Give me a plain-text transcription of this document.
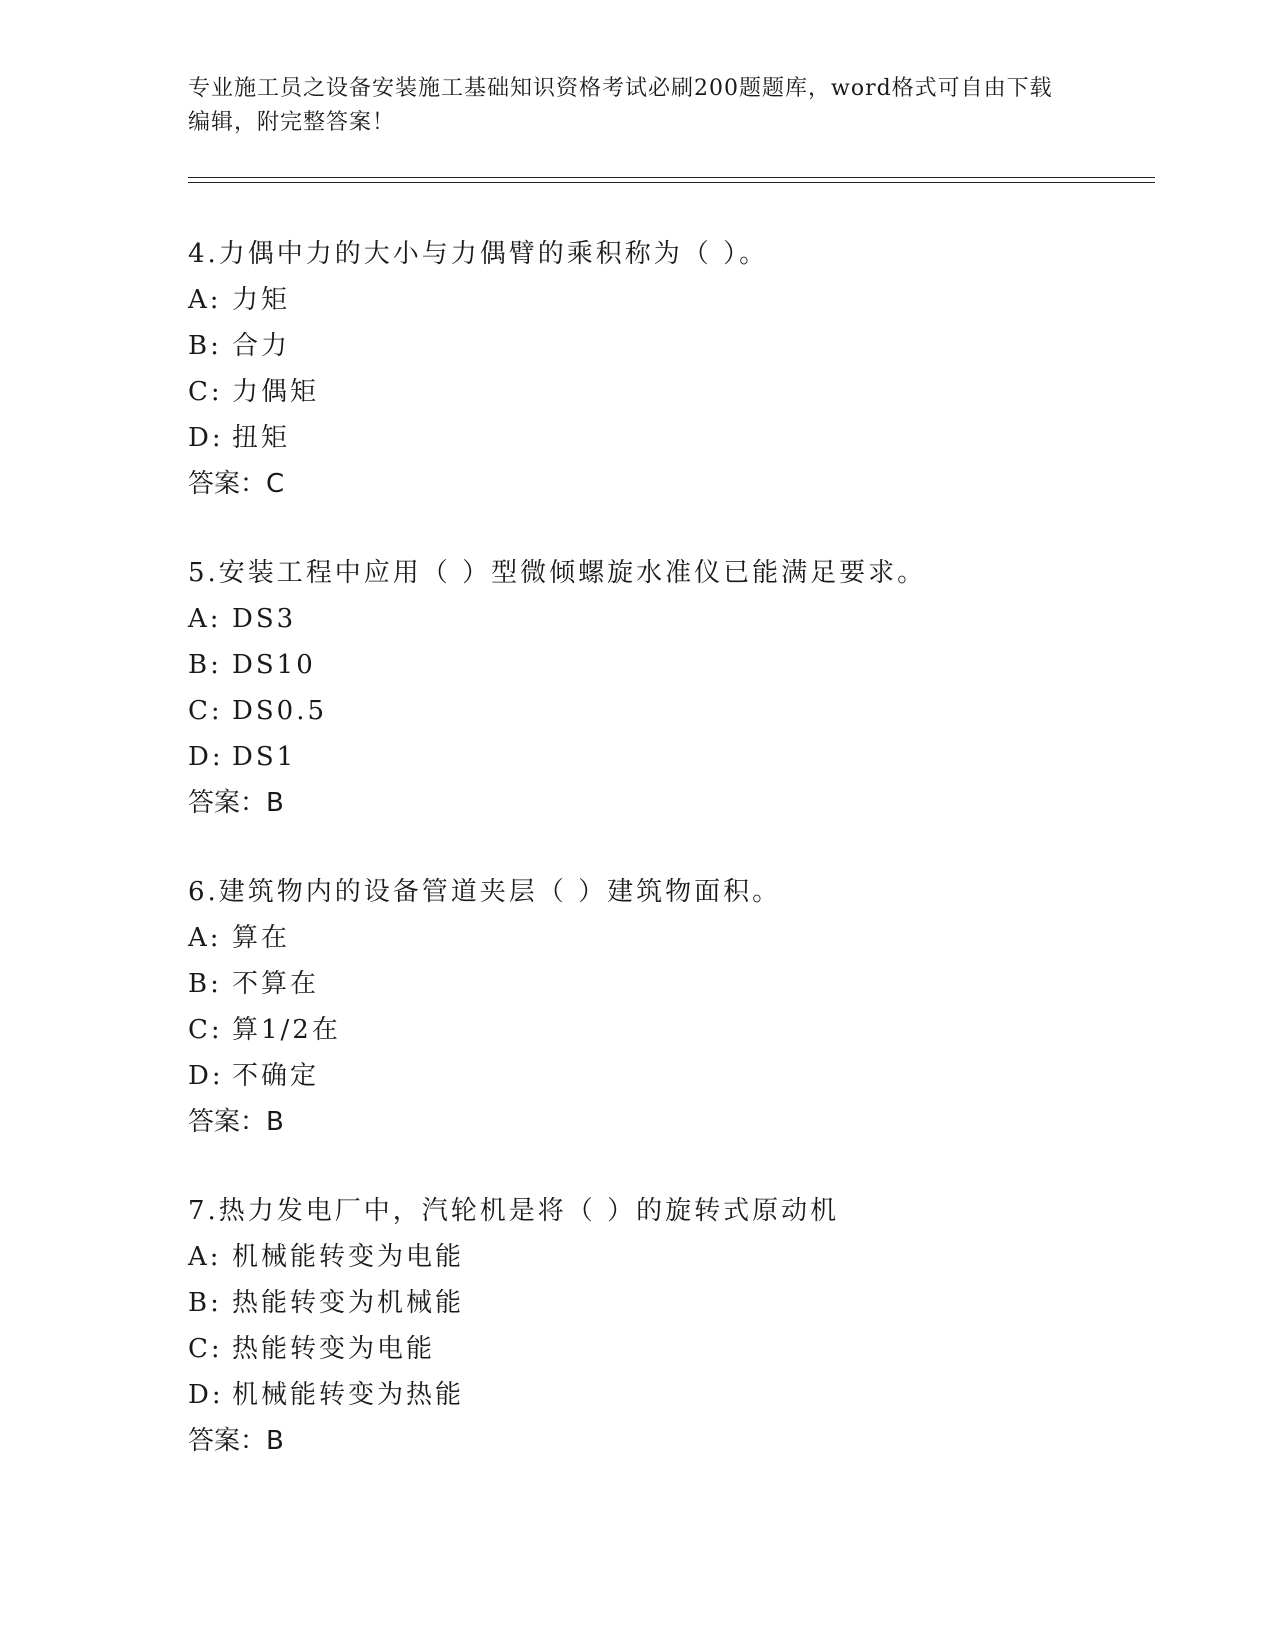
专业施工员之设备安装施工基础知识资格考试必刷200题题库，word格式可自由下载编辑，附完整答案！
4.力偶中力的大小与力偶臂的乘积称为（ ）。
A: 力矩
B: 合力
C: 力偶矩
D: 扭矩
答案：C
5.安装工程中应用（ ）型微倾螺旋水准仪已能满足要求。
A: DS3
B: DS10
C: DS0.5
D: DS1
答案：B
6.建筑物内的设备管道夹层（ ）建筑物面积。
A: 算在
B: 不算在
C: 算1/2在
D: 不确定
答案：B
7.热力发电厂中，汽轮机是将（ ）的旋转式原动机
A: 机械能转变为电能
B: 热能转变为机械能
C: 热能转变为电能
D: 机械能转变为热能
答案：B
